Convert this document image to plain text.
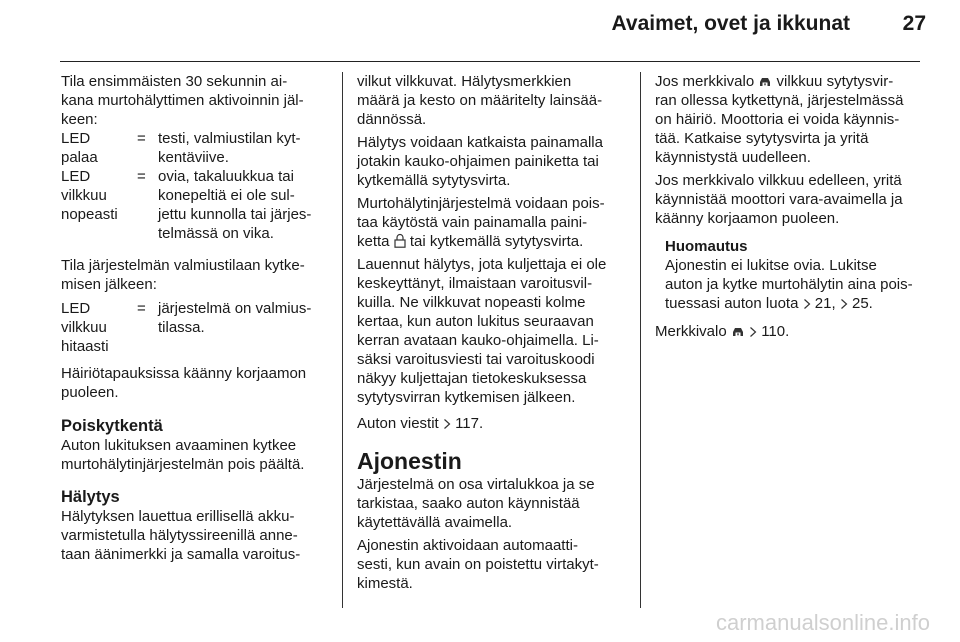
Avaimet, ovet ja ikkunat	27
Tila ensimmäisten 30 sekunnin ai-
kana murtohälyttimen aktivoinnin jäl-
keen:
LED
palaa
= testi, valmiustilan kyt-
kentäviive.
LED
vilkkuu
nopeasti
= ovia, takaluukkua tai
konepeltiä ei ole sul-
jettu kunnolla tai järjes-
telmässä on vika.
Tila järjestelmän valmiustilaan kytke-
misen jälkeen:
LED
vilkkuu
hitaasti
= järjestelmä on valmius-
tilassa.
Häiriötapauksissa käänny korjaamon
puoleen.
Poiskytkentä
Auton lukituksen avaaminen kytkee
murtohälytinjärjestelmän pois päältä.
Hälytys
Hälytyksen lauettua erillisellä akku-
varmistetulla hälytyssireenillä anne-
taan äänimerkki ja samalla varoitus-
vilkut vilkkuvat. Hälytysmerkkien
määrä ja kesto on määritelty lainsää-
dännössä.
Hälytys voidaan katkaista painamalla
jotakin kauko-ohjaimen painiketta tai
kytkemällä sytytysvirta.
Murtohälytinjärjestelmä voidaan pois-
taa käytöstä vain painamalla paini-
ketta tai kytkemällä sytytysvirta.
Lauennut hälytys, jota kuljettaja ei ole
keskeyttänyt, ilmaistaan varoitusvil-
kuilla. Ne vilkkuvat nopeasti kolme
kertaa, kun auton lukitus seuraavan
kerran avataan kauko-ohjaimella. Li-
säksi varoitusviesti tai varoituskoodi
näkyy kuljettajan tietokeskuksessa
sytytysvirran kytkemisen jälkeen.
Auton viestit 117.
Ajonestin
Järjestelmä on osa virtalukkoa ja se
tarkistaa, saako auton käynnistää
käytettävällä avaimella.
Ajonestin aktivoidaan automaatti-
sesti, kun avain on poistettu virtakyt-
kimestä.
Jos merkkivalo vilkkuu sytytysvir-
ran ollessa kytkettynä, järjestelmässä
on häiriö. Moottoria ei voida käynnis-
tää. Katkaise sytytysvirta ja yritä
käynnistystä uudelleen.
Jos merkkivalo vilkkuu edelleen, yritä
käynnistää moottori vara-avaimella ja
käänny korjaamon puoleen.
Huomautus
Ajonestin ei lukitse ovia. Lukitse
auton ja kytke murtohälytin aina pois-
tuessasi auton luota 21, 25.
Merkkivalo 110.
carmanualsonline.info
